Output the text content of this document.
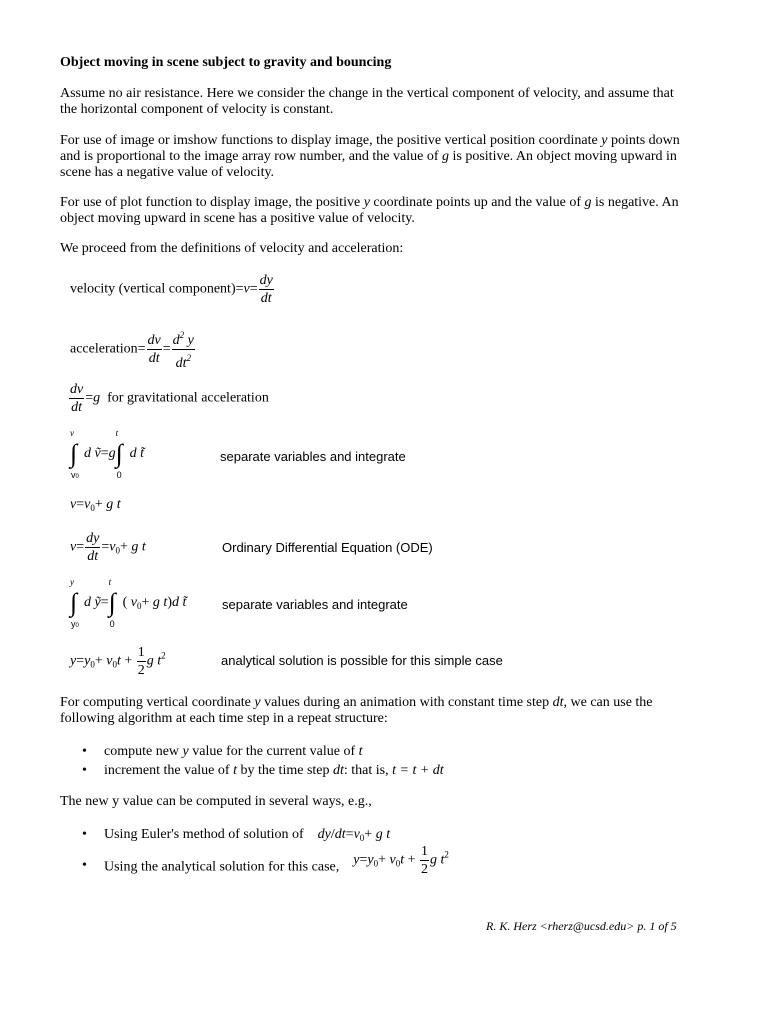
Object moving in scene subject to gravity and bouncing

Assume no air resistance. Here we consider the change in the vertical component of velocity, and assume that the horizontal component of velocity is constant.

For use of image or imshow functions to display image, the positive vertical position coordinate y points down and is proportional to the image array row number, and the value of g is positive. An object moving upward in scene has a negative value of velocity.

For use of plot function to display image, the positive y coordinate points up and the value of g is negative. An object moving upward in scene has a positive value of velocity.

We proceed from the definitions of velocity and acceleration:

velocity (vertical component)=v= $\frac{dy}{dt}$
acceleration= $\frac{dv}{dt} = \frac{d^2 y}{dt^2}$
$\frac{dv}{dt} =g$ for gravitational acceleration
v
∫
v0
d ṽ=g
t
∫
0
d t̃	separate variables and integrate
$v=v_0+ g$ t
$v= \frac{dy}{dt} =v_0+ g$ t	Ordinary Differential Equation (ODE)
y
∫
y0
d ỹ=
t
∫
0
( $v_0+ g$ t)d t̃	separate variables and integrate
$y=y_0+ v_0t + \frac{1}{2}$ g $t^2$	analytical solution is possible for this simple case

For computing vertical coordinate y values during an animation with constant time step dt, we can use the following algorithm at each time step in a repeat structure:

• compute new y value for the current value of t
• increment the value of t by the time step dt: that is, t = t + dt

The new y value can be computed in several ways, e.g.,

• Using Euler's method of solution of $dy/dt=v_0+ g$ t
• Using the analytical solution for this case, $y=y_0+ v_0t + \frac{1}{2}$ g $t^2$
R. K. Herz <rherz@ucsd.edu> p. 1 of 5
